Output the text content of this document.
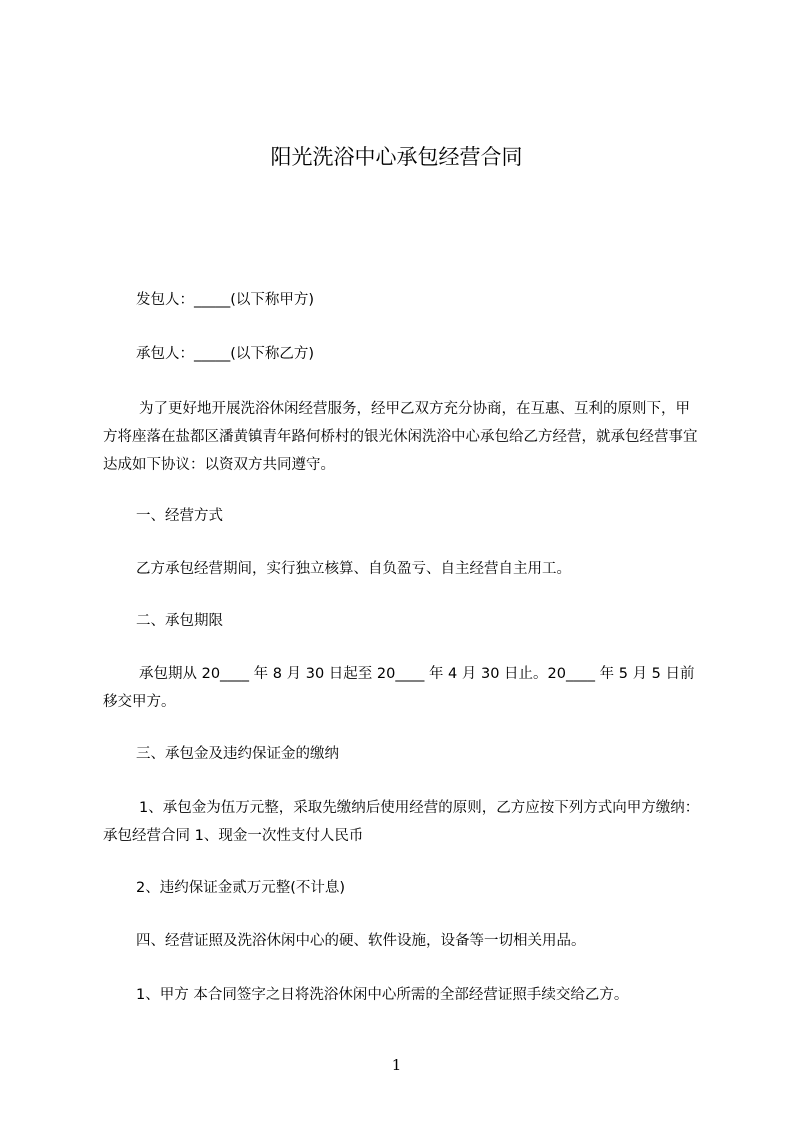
阳光洗浴中心承包经营合同
发包人：_____(以下称甲方)
承包人：_____(以下称乙方)
为了更好地开展洗浴休闲经营服务，经甲乙双方充分协商，在互惠、互利的原则下，甲方将座落在盐都区潘黄镇青年路何桥村的银光休闲洗浴中心承包给乙方经营，就承包经营事宜达成如下协议：以资双方共同遵守。
一、经营方式
乙方承包经营期间，实行独立核算、自负盈亏、自主经营自主用工。
二、承包期限
承包期从 20____ 年 8 月 30 日起至 20____ 年 4 月 30 日止。20____ 年 5 月 5 日前移交甲方。
三、承包金及违约保证金的缴纳
1、承包金为伍万元整，采取先缴纳后使用经营的原则，乙方应按下列方式向甲方缴纳：承包经营合同 1、现金一次性支付人民币
2、违约保证金贰万元整(不计息)
四、经营证照及洗浴休闲中心的硬、软件设施，设备等一切相关用品。
1、甲方 本合同签字之日将洗浴休闲中心所需的全部经营证照手续交给乙方。
1
